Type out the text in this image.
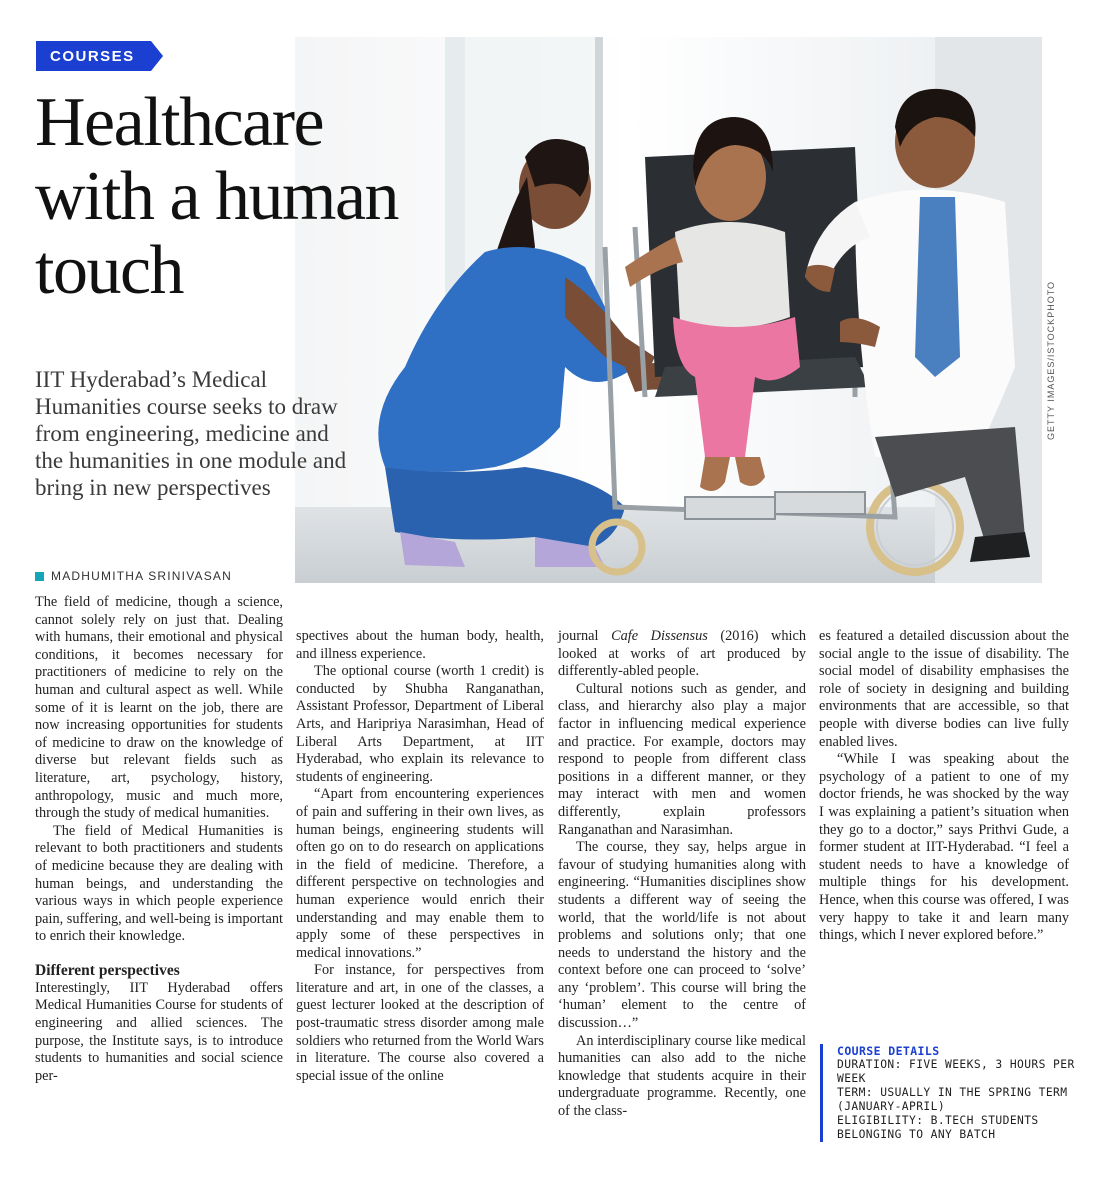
COURSES
GETTY IMAGES/ISTOCKPHOTO
Healthcare
with a human
touch

IIT Hyderabad’s Medical Humanities course seeks to draw from engineering, medicine and the humanities in one module and bring in new perspectives

MADHUMITHA SRINIVASAN

The field of medicine, though a science, cannot solely rely on just that. Dealing with humans, their emotional and physical conditions, it becomes necessary for practitioners of medicine to rely on the human and cultural aspect as well. While some of it is learnt on the job, there are now increasing opportunities for students of medicine to draw on the knowledge of diverse but relevant fields such as literature, art, psychology, history, anthropology, music and much more, through the study of medical humanities.

The field of Medical Humanities is relevant to both practitioners and students of medicine because they are dealing with human beings, and understanding the various ways in which people experience pain, suffering, and well-being is important to enrich their knowledge.

Different perspectives

Interestingly, IIT Hyderabad offers Medical Humanities Course for students of engineering and allied sciences. The purpose, the Institute says, is to introduce students to humanities and social science per-

spectives about the human body, health, and illness experience.

The optional course (worth 1 credit) is conducted by Shubha Ranganathan, Assistant Professor, Department of Liberal Arts, and Haripriya Narasimhan, Head of Liberal Arts Department, at IIT Hyderabad, who explain its relevance to students of engineering.

“Apart from encountering experiences of pain and suffering in their own lives, as human beings, engineering students will often go on to do research on applications in the field of medicine. Therefore, a different perspective on technologies and human experience would enrich their understanding and may enable them to apply some of these perspectives in medical innovations.”

For instance, for perspectives from literature and art, in one of the classes, a guest lecturer looked at the description of post-traumatic stress disorder among male soldiers who returned from the World Wars in literature. The course also covered a special issue of the online

journal Cafe Dissensus (2016) which looked at works of art produced by differently-abled people.

Cultural notions such as gender, and class, and hierarchy also play a major factor in influencing medical experience and practice. For example, doctors may respond to people from different class positions in a different manner, or they may interact with men and women differently, explain professors Ranganathan and Narasimhan.

The course, they say, helps argue in favour of studying humanities along with engineering. “Humanities disciplines show students a different way of seeing the world, that the world/life is not about problems and solutions only; that one needs to understand the history and the context before one can proceed to ‘solve’ any ‘problem’. This course will bring the ‘human’ element to the centre of discussion…”

An interdisciplinary course like medical humanities can also add to the niche knowledge that students acquire in their undergraduate programme. Recently, one of the class-

es featured a detailed discussion about the social angle to the issue of disability. The social model of disability emphasises the role of society in designing and building environments that are accessible, so that people with diverse bodies can live fully enabled lives.

“While I was speaking about the psychology of a patient to one of my doctor friends, he was shocked by the way I was explaining a patient’s situation when they go to a doctor,” says Prithvi Gude, a former student at IIT-Hyderabad. “I feel a student needs to have a knowledge of multiple things for his development. Hence, when this course was offered, I was very happy to take it and learn many things, which I never explored before.”

COURSE DETAILS
DURATION: FIVE WEEKS, 3 HOURS PER WEEK
TERM: USUALLY IN THE SPRING TERM (JANUARY-APRIL)
ELIGIBILITY: B.TECH STUDENTS BELONGING TO ANY BATCH
